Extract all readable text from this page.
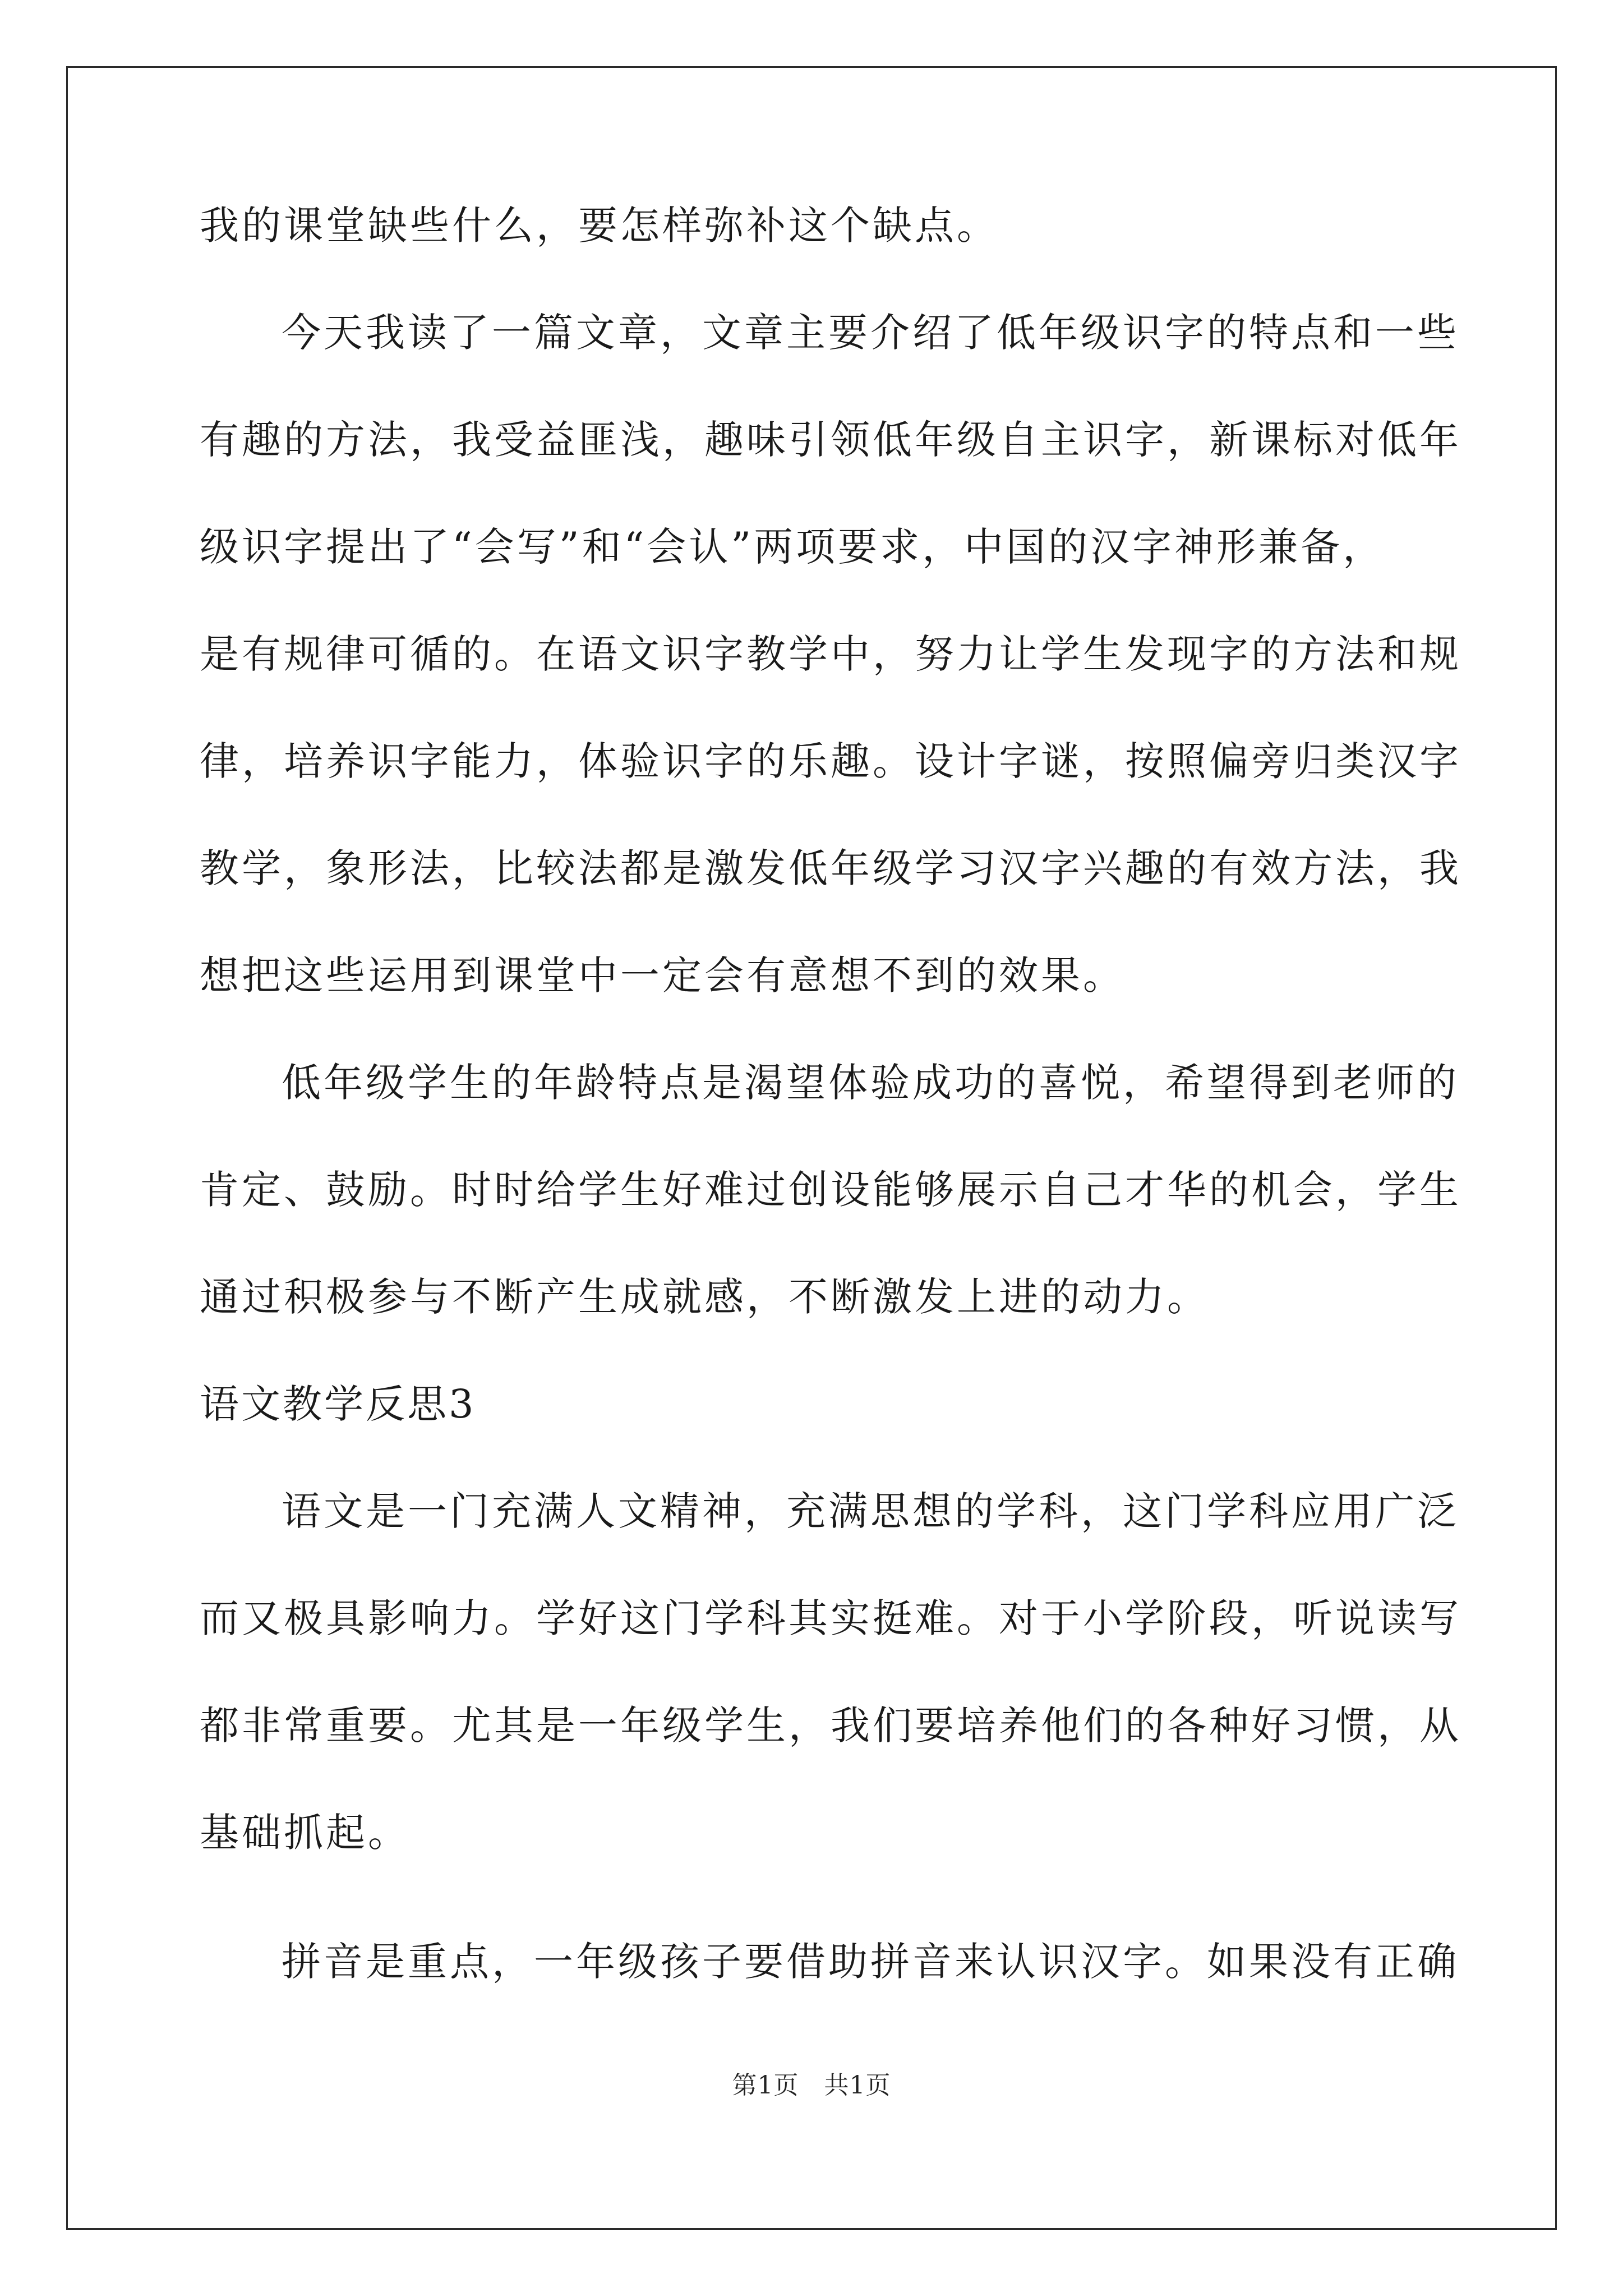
我的课堂缺些什么，要怎样弥补这个缺点。

今天我读了一篇文章，文章主要介绍了低年级识字的特点和一些

有趣的方法，我受益匪浅，趣味引领低年级自主识字，新课标对低年

级识字提出了“会写”和“会认”两项要求，中国的汉字神形兼备，

是有规律可循的。在语文识字教学中，努力让学生发现字的方法和规

律，培养识字能力，体验识字的乐趣。设计字谜，按照偏旁归类汉字

教学，象形法，比较法都是激发低年级学习汉字兴趣的有效方法，我

想把这些运用到课堂中一定会有意想不到的效果。

低年级学生的年龄特点是渴望体验成功的喜悦，希望得到老师的

肯定、鼓励。时时给学生好难过创设能够展示自己才华的机会，学生

通过积极参与不断产生成就感，不断激发上进的动力。

语文教学反思3

语文是一门充满人文精神，充满思想的学科，这门学科应用广泛

而又极具影响力。学好这门学科其实挺难。对于小学阶段，听说读写

都非常重要。尤其是一年级学生，我们要培养他们的各种好习惯，从

基础抓起。

拼音是重点，一年级孩子要借助拼音来认识汉字。如果没有正确

第1页　共1页
